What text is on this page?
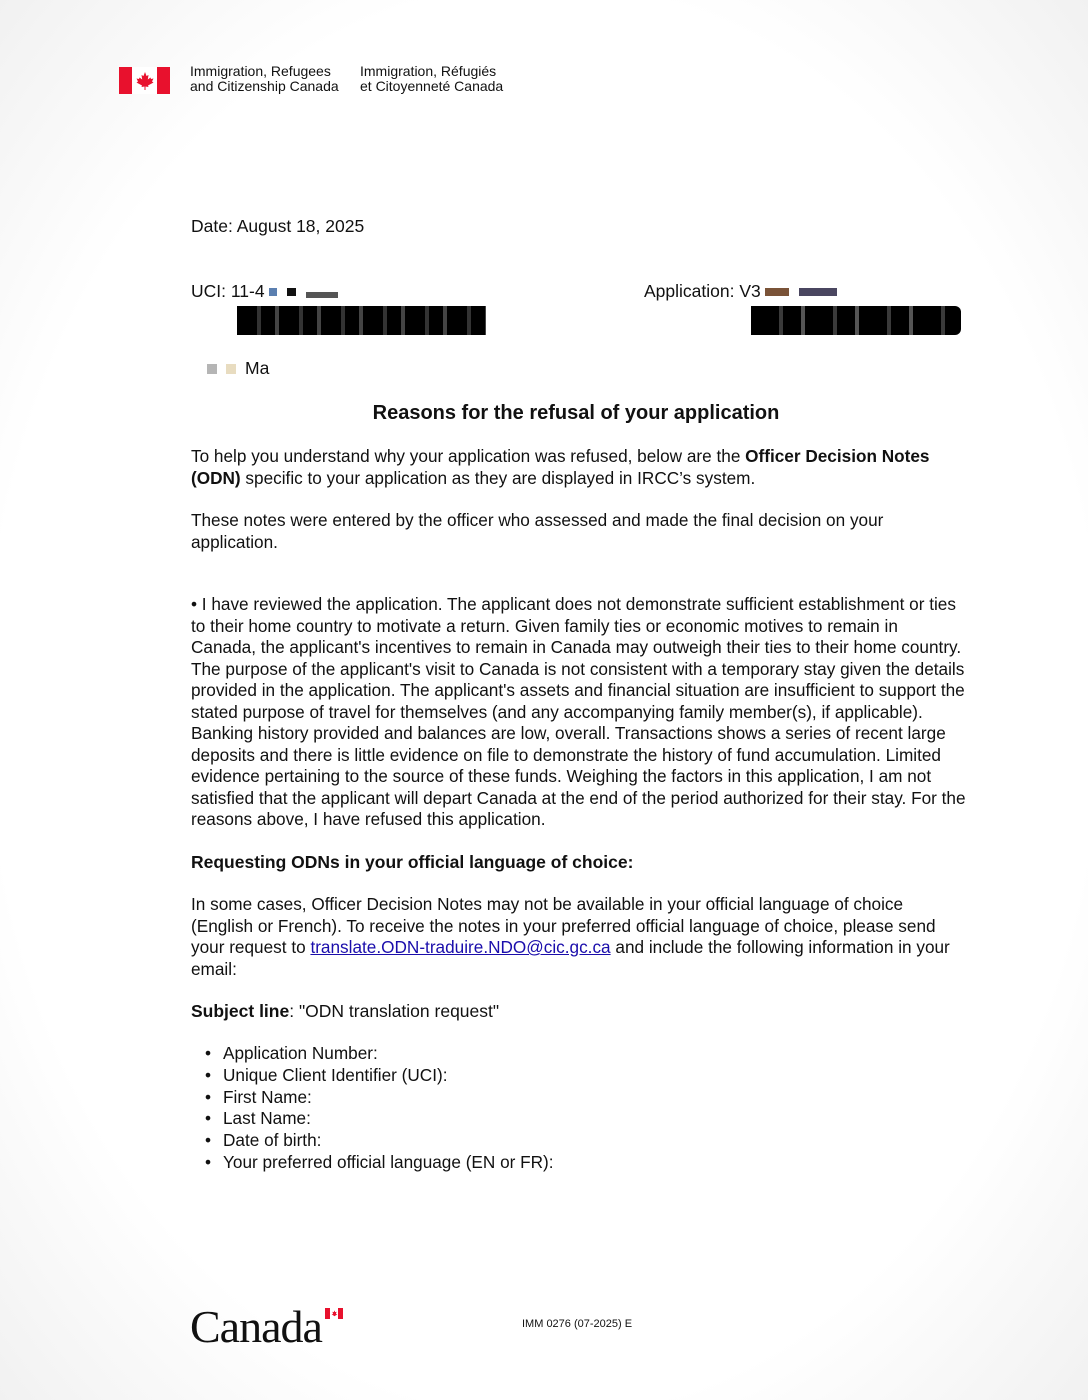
Immigration, Refugees
and Citizenship Canada
Immigration, Réfugiés
et Citoyenneté Canada
Date: August 18, 2025
UCI: 11-4	Application: V3
Ma
Reasons for the refusal of your application

To help you understand why your application was refused, below are the Officer Decision Notes (ODN) specific to your application as they are displayed in IRCC’s system.

These notes were entered by the officer who assessed and made the final decision on your application.

• I have reviewed the application. The applicant does not demonstrate sufficient establishment or ties to their home country to motivate a return. Given family ties or economic motives to remain in Canada, the applicant's incentives to remain in Canada may outweigh their ties to their home country. The purpose of the applicant's visit to Canada is not consistent with a temporary stay given the details provided in the application. The applicant's assets and financial situation are insufficient to support the stated purpose of travel for themselves (and any accompanying family member(s), if applicable). Banking history provided and balances are low, overall. Transactions shows a series of recent large deposits and there is little evidence on file to demonstrate the history of fund accumulation. Limited evidence pertaining to the source of these funds. Weighing the factors in this application, I am not satisfied that the applicant will depart Canada at the end of the period authorized for their stay. For the reasons above, I have refused this application.

Requesting ODNs in your official language of choice:

In some cases, Officer Decision Notes may not be available in your official language of choice (English or French). To receive the notes in your preferred official language of choice, please send your request to translate.ODN-traduire.NDO@cic.gc.ca and include the following information in your email:

Subject line: "ODN translation request"
• Application Number:
• Unique Client Identifier (UCI):
• First Name:
• Last Name:
• Date of birth:
• Your preferred official language (EN or FR):
Canada	IMM 0276 (07-2025) E
